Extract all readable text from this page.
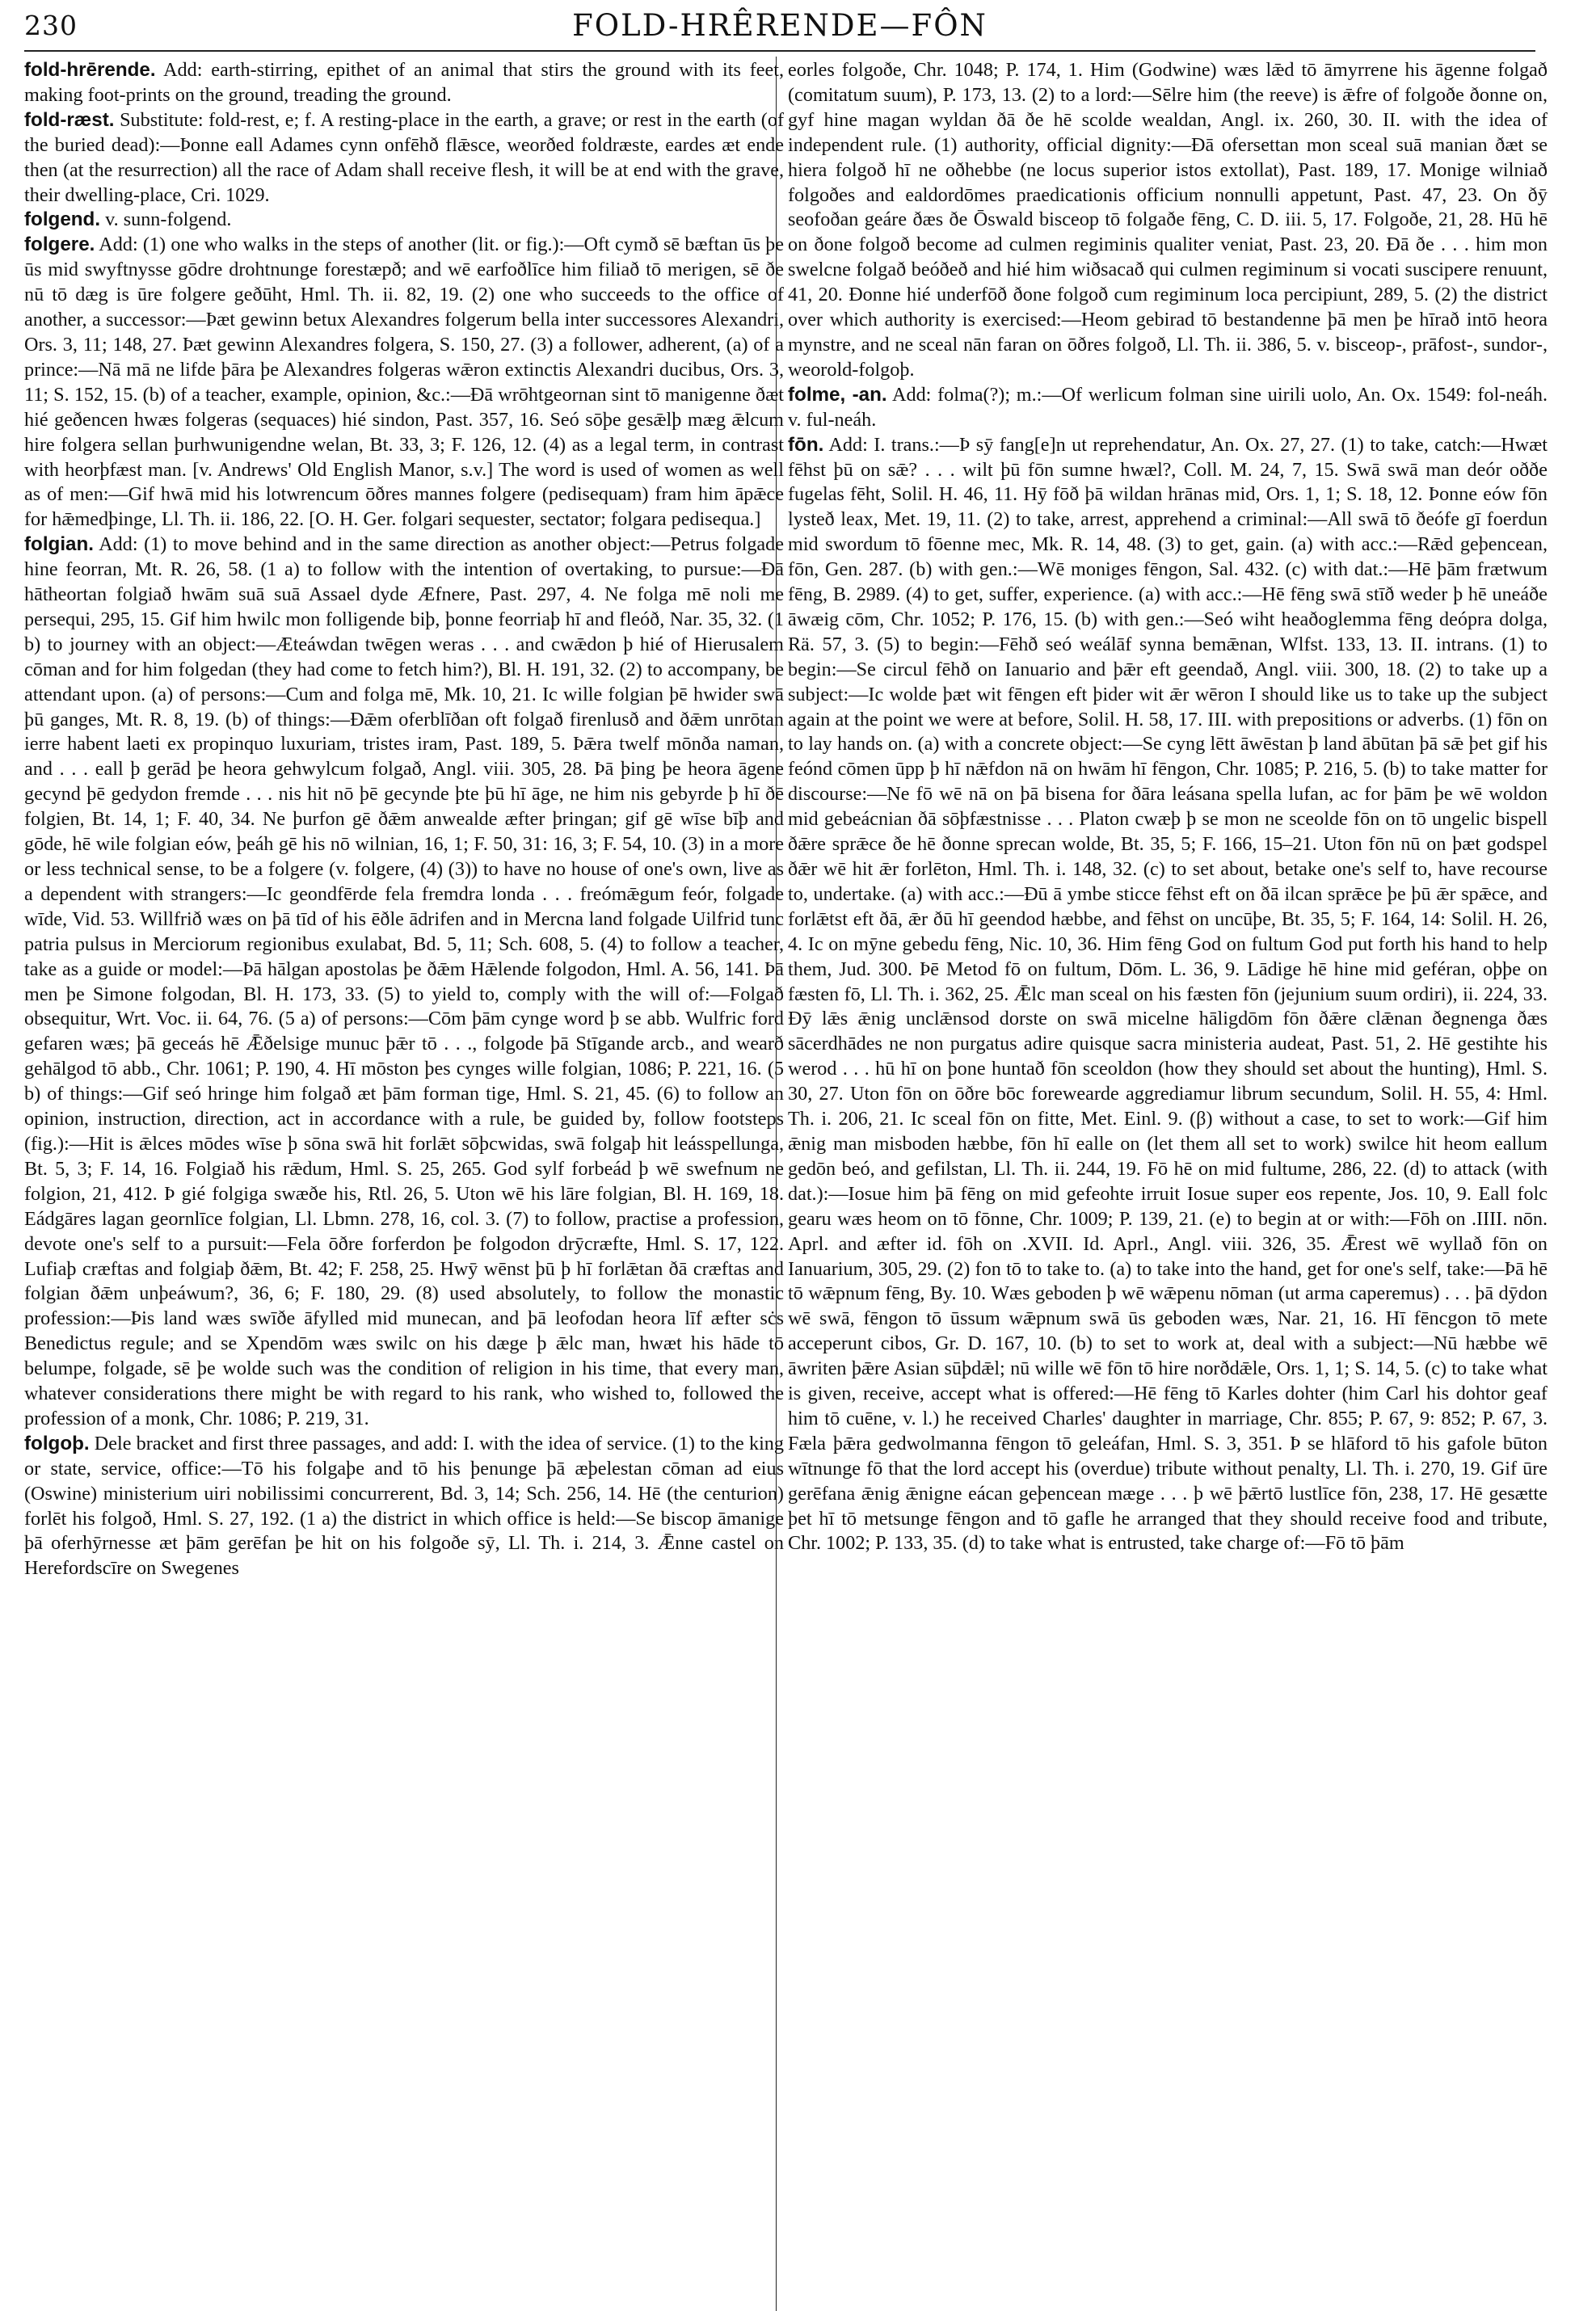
230	FOLD-HRÊRENDE—FÔN

fold-hrērende. Add: earth-stirring, epithet of an animal that stirs the ground with its feet, making foot-prints on the ground, treading the ground.

fold-ræst. Substitute: fold-rest, e; f. A resting-place in the earth, a grave; or rest in the earth (of the buried dead):—Þonne eall Adames cynn onfēhð flǣsce, weorðed foldræste, eardes æt ende then (at the resurrection) all the race of Adam shall receive flesh, it will be at end with the grave, their dwelling-place, Cri. 1029.

folgend. v. sunn-folgend.

folgere. Add: (1) one who walks in the steps of another (lit. or fig.):—Oft cymð sē bæftan ūs þe ūs mid swyftnysse gōdre drohtnunge forestæpð; and wē earfoðlīce him filiað tō merigen, sē ðe nū tō dæg is ūre folgere geðūht, Hml. Th. ii. 82, 19. (2) one who succeeds to the office of another, a successor:—Þæt gewinn betux Alexandres folgerum bella inter successores Alexandri, Ors. 3, 11; 148, 27. Þæt gewinn Alexandres folgera, S. 150, 27. (3) a follower, adherent, (a) of a prince:—Nā mā ne lifde þāra þe Alexandres folgeras wǣron extinctis Alexandri ducibus, Ors. 3, 11; S. 152, 15. (b) of a teacher, example, opinion, &c.:—Ðā wrōhtgeornan sint tō manigenne ðæt hié geðencen hwæs folgeras (sequaces) hié sindon, Past. 357, 16. Seó sōþe gesǣlþ mæg ǣlcum hire folgera sellan þurhwunigendne welan, Bt. 33, 3; F. 126, 12. (4) as a legal term, in contrast with heorþfæst man. [v. Andrews' Old English Manor, s.v.] The word is used of women as well as of men:—Gif hwā mid his lotwrencum ōðres mannes folgere (pedisequam) fram him āpǣce for hǣmedþinge, Ll. Th. ii. 186, 22. [O. H. Ger. folgari sequester, sectator; folgara pedisequa.]

folgian. Add: (1) to move behind and in the same direction as another object:—Petrus folgade hine feorran, Mt. R. 26, 58. (1 a) to follow with the intention of overtaking, to pursue:—Ðā hātheortan folgiað hwām suā suā Assael dyde Æfnere, Past. 297, 4. Ne folga mē noli me persequi, 295, 15. Gif him hwilc mon folligende biþ, þonne feorriaþ hī and fleóð, Nar. 35, 32. (1 b) to journey with an object:—Æteáwdan twēgen weras . . . and cwǣdon þ hié of Hierusalem cōman and for him folgedan (they had come to fetch him?), Bl. H. 191, 32. (2) to accompany, be attendant upon. (a) of persons:—Cum and folga mē, Mk. 10, 21. Ic wille folgian þē hwider swā þū ganges, Mt. R. 8, 19. (b) of things:—Ðǣm oferblīðan oft folgað firenlusð and ðǣm unrōtan ierre habent laeti ex propinquo luxuriam, tristes iram, Past. 189, 5. Þǣra twelf mōnða naman, and . . . eall þ gerād þe heora gehwylcum folgað, Angl. viii. 305, 28. Þā þing þe heora āgene gecynd þē gedydon fremde . . . nis hit nō þē gecynde þte þū hī āge, ne him nis gebyrde þ hī ðē folgien, Bt. 14, 1; F. 40, 34. Ne þurfon gē ðǣm anwealde æfter þringan; gif gē wīse bīþ and gōde, hē wile folgian eów, þeáh gē his nō wilnian, 16, 1; F. 50, 31: 16, 3; F. 54, 10. (3) in a more or less technical sense, to be a folgere (v. folgere, (4) (3)) to have no house of one's own, live as a dependent with strangers:—Ic geondfērde fela fremdra londa . . . freómǣgum feór, folgade wīde, Vid. 53. Willfrið wæs on þā tīd of his ēðle ādrifen and in Mercna land folgade Uilfrid tunc patria pulsus in Merciorum regionibus exulabat, Bd. 5, 11; Sch. 608, 5. (4) to follow a teacher, take as a guide or model:—Þā hālgan apostolas þe ðǣm Hǣlende folgodon, Hml. A. 56, 141. Þā men þe Simone folgodan, Bl. H. 173, 33. (5) to yield to, comply with the will of:—Folgað obsequitur, Wrt. Voc. ii. 64, 76. (5 a) of persons:—Cōm þām cynge word þ se abb. Wulfric ford gefaren wæs; þā geceás hē Ǣðelsige munuc þǣr tō . . ., folgode þā Stīgande arcb., and wearð gehālgod tō abb., Chr. 1061; P. 190, 4. Hī mōston þes cynges wille folgian, 1086; P. 221, 16. (5 b) of things:—Gif seó hringe him folgað æt þām forman tige, Hml. S. 21, 45. (6) to follow an opinion, instruction, direction, act in accordance with a rule, be guided by, follow footsteps (fig.):—Hit is ǣlces mōdes wīse þ sōna swā hit forlǣt sōþcwidas, swā folgaþ hit leásspellunga, Bt. 5, 3; F. 14, 16. Folgiað his rǣdum, Hml. S. 25, 265. God sylf forbeád þ wē swefnum ne folgion, 21, 412. Þ gié folgiga swæðe his, Rtl. 26, 5. Uton wē his lāre folgian, Bl. H. 169, 18. Eádgāres lagan geornlīce folgian, Ll. Lbmn. 278, 16, col. 3. (7) to follow, practise a profession, devote one's self to a pursuit:—Fela ōðre forferdon þe folgodon drȳcræfte, Hml. S. 17, 122. Lufiaþ cræftas and folgiaþ ðǣm, Bt. 42; F. 258, 25. Hwȳ wēnst þū þ hī forlǣtan ðā cræftas and folgian ðǣm unþeáwum?, 36, 6; F. 180, 29. (8) used absolutely, to follow the monastic profession:—Þis land wæs swīðe āfylled mid munecan, and þā leofodan heora līf æfter sċs Benedictus regule; and se Xpendōm wæs swilc on his dæge þ ǣlc man, hwæt his hāde tō belumpe, folgade, sē þe wolde such was the condition of religion in his time, that every man, whatever considerations there might be with regard to his rank, who wished to, followed the profession of a monk, Chr. 1086; P. 219, 31.

folgoþ. Dele bracket and first three passages, and add: I. with the idea of service. (1) to the king or state, service, office:—Tō his folgaþe and tō his þenunge þā æþelestan cōman ad eius (Oswine) ministerium uiri nobilissimi concurrerent, Bd. 3, 14; Sch. 256, 14. Hē (the centurion) forlēt his folgoð, Hml. S. 27, 192. (1 a) the district in which office is held:—Se biscop āmanige þā oferhȳrnesse æt þām gerēfan þe hit on his folgoðe sȳ, Ll. Th. i. 214, 3. Ǣnne castel on Herefordscīre on Swegenes

eorles folgoðe, Chr. 1048; P. 174, 1. Him (Godwine) wæs lǣd tō āmyrrene his āgenne folgað (comitatum suum), P. 173, 13. (2) to a lord:—Sēlre him (the reeve) is ǣfre of folgoðe ðonne on, gyf hine magan wyldan ðā ðe hē scolde wealdan, Angl. ix. 260, 30. II. with the idea of independent rule. (1) authority, official dignity:—Ðā ofersettan mon sceal suā manian ðæt se hiera folgoð hī ne oðhebbe (ne locus superior istos extollat), Past. 189, 17. Monige wilniað folgoðes and ealdordōmes praedicationis officium nonnulli appetunt, Past. 47, 23. On ðȳ seofoðan geáre ðæs ðe Ōswald bisceop tō folgaðe fēng, C. D. iii. 5, 17. Folgoðe, 21, 28. Hū hē on ðone folgoð become ad culmen regiminis qualiter veniat, Past. 23, 20. Ðā ðe . . . him mon swelcne folgað beóðeð and hié him wiðsacað qui culmen regiminum si vocati suscipere renuunt, 41, 20. Ðonne hié underfōð ðone folgoð cum regiminum loca percipiunt, 289, 5. (2) the district over which authority is exercised:—Heom gebirad tō bestandenne þā men þe hīrað intō heora mynstre, and ne sceal nān faran on ōðres folgoð, Ll. Th. ii. 386, 5. v. bisceop-, prāfost-, sundor-, weorold-folgoþ.

folme, -an. Add: folma(?); m.:—Of werlicum folman sine uirili uolo, An. Ox. 1549: fol-neáh. v. ful-neáh.

fōn. Add: I. trans.:—Þ sȳ fang[e]n ut reprehendatur, An. Ox. 27, 27. (1) to take, catch:—Hwæt fēhst þū on sǣ? . . . wilt þū fōn sumne hwæl?, Coll. M. 24, 7, 15. Swā swā man deór oððe fugelas fēht, Solil. H. 46, 11. Hȳ fōð þā wildan hrānas mid, Ors. 1, 1; S. 18, 12. Þonne eów fōn lysteð leax, Met. 19, 11. (2) to take, arrest, apprehend a criminal:—All swā tō ðeófe gī foerdun mid swordum tō fōenne mec, Mk. R. 14, 48. (3) to get, gain. (a) with acc.:—Rǣd geþencean, fōn, Gen. 287. (b) with gen.:—Wē moniges fēngon, Sal. 432. (c) with dat.:—Hē þām frætwum fēng, B. 2989. (4) to get, suffer, experience. (a) with acc.:—Hē fēng swā stīð weder þ hē uneáðe āwæig cōm, Chr. 1052; P. 176, 15. (b) with gen.:—Seó wiht heaðoglemma fēng deópra dolga, Rä. 57, 3. (5) to begin:—Fēhð seó weálāf synna bemǣnan, Wlfst. 133, 13. II. intrans. (1) to begin:—Se circul fēhð on Ianuario and þǣr eft geendað, Angl. viii. 300, 18. (2) to take up a subject:—Ic wolde þæt wit fēngen eft þider wit ǣr wēron I should like us to take up the subject again at the point we were at before, Solil. H. 58, 17. III. with prepositions or adverbs. (1) fōn on to lay hands on. (a) with a concrete object:—Se cyng lētt āwēstan þ land ābūtan þā sǣ þet gif his feónd cōmen ūpp þ hī nǣfdon nā on hwām hī fēngon, Chr. 1085; P. 216, 5. (b) to take matter for discourse:—Ne fō wē nā on þā bisena for ðāra leásana spella lufan, ac for þām þe wē woldon mid gebeácnian ðā sōþfæstnisse . . . Platon cwæþ þ se mon ne sceolde fōn on tō ungelic bispell ðǣre sprǣce ðe hē ðonne sprecan wolde, Bt. 35, 5; F. 166, 15–21. Uton fōn nū on þæt godspel ðǣr wē hit ǣr forlēton, Hml. Th. i. 148, 32. (c) to set about, betake one's self to, have recourse to, undertake. (a) with acc.:—Ðū ā ymbe sticce fēhst eft on ðā ilcan sprǣce þe þū ǣr spǣce, and forlǣtst eft ðā, ǣr ðū hī geendod hæbbe, and fēhst on uncūþe, Bt. 35, 5; F. 164, 14: Solil. H. 26, 4. Ic on mȳne gebedu fēng, Nic. 10, 36. Him fēng God on fultum God put forth his hand to help them, Jud. 300. Þē Metod fō on fultum, Dōm. L. 36, 9. Lādige hē hine mid geféran, oþþe on fæsten fō, Ll. Th. i. 362, 25. Ǣlc man sceal on his fæsten fōn (jejunium suum ordiri), ii. 224, 33. Ðȳ lǣs ǣnig unclǣnsod dorste on swā micelne hāligdōm fōn ðǣre clǣnan ðegnenga ðæs sācerdhādes ne non purgatus adire quisque sacra ministeria audeat, Past. 51, 2. Hē gestihte his werod . . . hū hī on þone huntað fōn sceoldon (how they should set about the hunting), Hml. S. 30, 27. Uton fōn on ōðre bōc forewearde aggrediamur librum secundum, Solil. H. 55, 4: Hml. Th. i. 206, 21. Ic sceal fōn on fitte, Met. Einl. 9. (β) without a case, to set to work:—Gif him ǣnig man misboden hæbbe, fōn hī ealle on (let them all set to work) swilce hit heom eallum gedōn beó, and gefilstan, Ll. Th. ii. 244, 19. Fō hē on mid fultume, 286, 22. (d) to attack (with dat.):—Iosue him þā fēng on mid gefeohte irruit Iosue super eos repente, Jos. 10, 9. Eall folc gearu wæs heom on tō fōnne, Chr. 1009; P. 139, 21. (e) to begin at or with:—Fōh on .IIII. nōn. Aprl. and æfter id. fōh on .XVII. Id. Aprl., Angl. viii. 326, 35. Ǣrest wē wyllað fōn on Ianuarium, 305, 29. (2) fon tō to take to. (a) to take into the hand, get for one's self, take:—Þā hē tō wǣpnum fēng, By. 10. Wæs geboden þ wē wǣpenu nōman (ut arma caperemus) . . . þā dȳdon wē swā, fēngon tō ūssum wǣpnum swā ūs geboden wæs, Nar. 21, 16. Hī fēncgon tō mete acceperunt cibos, Gr. D. 167, 10. (b) to set to work at, deal with a subject:—Nū hæbbe wē āwriten þǣre Asian sūþdǣl; nū wille wē fōn tō hire norðdǣle, Ors. 1, 1; S. 14, 5. (c) to take what is given, receive, accept what is offered:—Hē fēng tō Karles dohter (him Carl his dohtor geaf him tō cuēne, v. l.) he received Charles' daughter in marriage, Chr. 855; P. 67, 9: 852; P. 67, 3. Fæla þǣra gedwolmanna fēngon tō geleáfan, Hml. S. 3, 351. Þ se hlāford tō his gafole būton wītnunge fō that the lord accept his (overdue) tribute without penalty, Ll. Th. i. 270, 19. Gif ūre gerēfana ǣnig ǣnigne eácan geþencean mæge . . . þ wē þǣrtō lustlīce fōn, 238, 17. Hē gesætte þet hī tō metsunge fēngon and tō gafle he arranged that they should receive food and tribute, Chr. 1002; P. 133, 35. (d) to take what is entrusted, take charge of:—Fō tō þām
